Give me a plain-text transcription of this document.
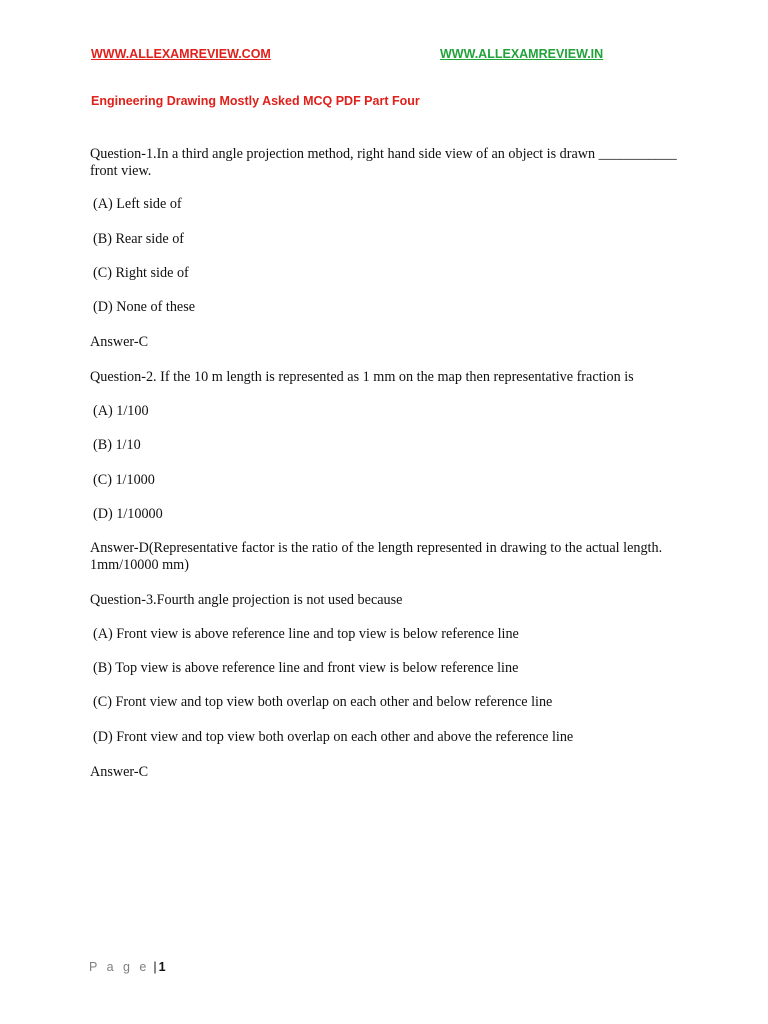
WWW.ALLEXAMREVIEW.COM	WWW.ALLEXAMREVIEW.IN
Engineering Drawing Mostly Asked MCQ PDF Part Four
Question-1.In a third angle projection method, right hand side view of an object is drawn ___________ front view.
(A) Left side of
(B) Rear side of
(C) Right side of
(D) None of these
Answer-C
Question-2. If the 10 m length is represented as 1 mm on the map then representative fraction is
(A) 1/100
(B) 1/10
(C) 1/1000
(D) 1/10000
Answer-D(Representative factor is the ratio of the length represented in drawing to the actual length. 1mm/10000 mm)
Question-3.Fourth angle projection is not used because
(A) Front view is above reference line and top view is below reference line
(B) Top view is above reference line and front view is below reference line
(C) Front view and top view both overlap on each other and below reference line
(D) Front view and top view both overlap on each other and above the reference line
Answer-C
P a g e | 1
